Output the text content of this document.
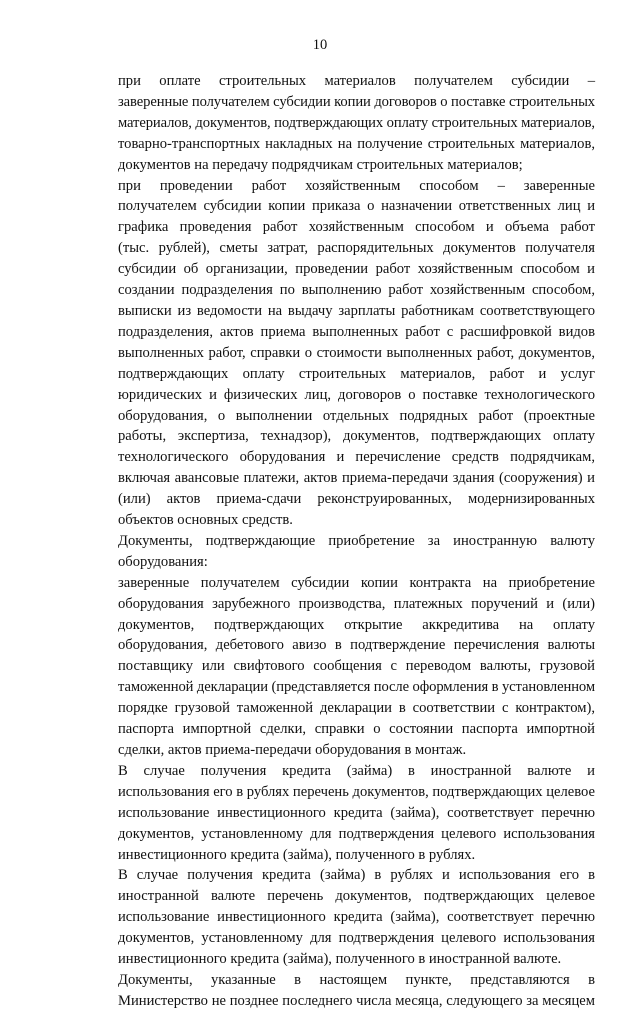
10

при оплате строительных материалов получателем субсидии –
заверенные получателем субсидии копии договоров о поставке строительных
материалов, документов, подтверждающих оплату строительных материалов,
товарно-транспортных накладных на получение строительных материалов,
документов на передачу подрядчикам строительных материалов;

при проведении работ хозяйственным способом – заверенные
получателем субсидии копии приказа о назначении ответственных лиц и
графика проведения работ хозяйственным способом и объема работ
(тыс. рублей), сметы затрат, распорядительных документов получателя
субсидии об организации, проведении работ хозяйственным способом и
создании подразделения по выполнению работ хозяйственным способом,
выписки из ведомости на выдачу зарплаты работникам соответствующего
подразделения, актов приема выполненных работ с расшифровкой видов
выполненных работ, справки о стоимости выполненных работ, документов,
подтверждающих оплату строительных материалов, работ и услуг
юридических и физических лиц, договоров о поставке технологического
оборудования, о выполнении отдельных подрядных работ (проектные
работы, экспертиза, технадзор), документов, подтверждающих оплату
технологического оборудования и перечисление средств подрядчикам,
включая авансовые платежи, актов приема-передачи здания (сооружения) и
(или) актов приема-сдачи реконструированных, модернизированных
объектов основных средств.

Документы, подтверждающие приобретение за иностранную валюту
оборудования:

заверенные получателем субсидии копии контракта на приобретение
оборудования зарубежного производства, платежных поручений и (или)
документов, подтверждающих открытие аккредитива на оплату
оборудования, дебетового авизо в подтверждение перечисления валюты
поставщику или свифтового сообщения с переводом валюты, грузовой
таможенной декларации (представляется после оформления в установленном
порядке грузовой таможенной декларации в соответствии с контрактом),
паспорта импортной сделки, справки о состоянии паспорта импортной
сделки, актов приема-передачи оборудования в монтаж.

В случае получения кредита (займа) в иностранной валюте и
использования его в рублях перечень документов, подтверждающих целевое
использование инвестиционного кредита (займа), соответствует перечню
документов, установленному для подтверждения целевого использования
инвестиционного кредита (займа), полученного в рублях.

В случае получения кредита (займа) в рублях и использования его в
иностранной валюте перечень документов, подтверждающих целевое
использование инвестиционного кредита (займа), соответствует перечню
документов, установленному для подтверждения целевого использования
инвестиционного кредита (займа), полученного в иностранной валюте.

Документы, указанные в настоящем пункте, представляются в
Министерство не позднее последнего числа месяца, следующего за месяцем
